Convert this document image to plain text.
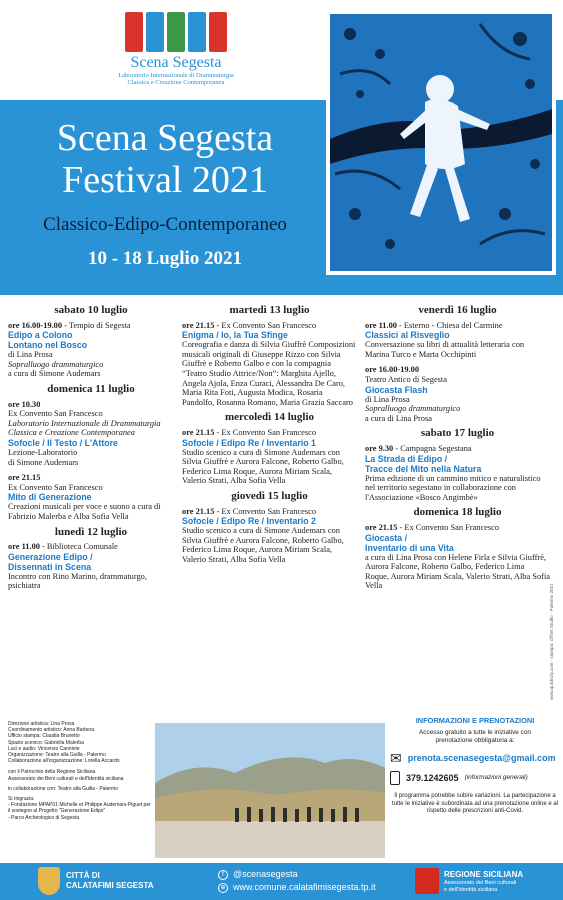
Scena Segesta
Laboratorio Internazionale di Drammaturgia
Classica e Creazione Contemporanea
Scena Segesta
Festival 2021
Classico-Edipo-Contemporaneo
10 - 18 Luglio 2021
sabato 10 luglio
ore 16.00-19.00 - Tempio di Segesta
Edipo a Colono
Lontano nel Bosco
di Lina Prosa
Sopralluogo drammaturgico
a cura di Simone Audemars
domenica 11 luglio
ore 10.30
Ex Convento San Francesco
Laboratorio Internazionale di Drammaturgia Classica e Creazione Contemporanea
Sofocle / Il Testo / L'Attore
Lezione-Laboratorio
di Simone Audemars
ore 21.15
Ex Convento San Francesco
Mito di Generazione
Creazioni musicali per voce e suono a cura di Fabrizio Malerba e Alba Sofia Vella
lunedì 12 luglio
ore 11.00 - Biblioteca Comunale
Generazione Edipo /
Dissennati in Scena
Incontro con Rino Marino, drammaturgo, psichiatra
martedì 13 luglio
ore 21.15 - Ex Convento San Francesco
Enigma / Io, la Tua Sfinge
Coreografia e danza di Silvia Giuffrè Composizioni musicali originali di Giuseppe Rizzo con Silvia Giuffrè e Roberto Galbo e con la compagnia “Teatro Studio Attrice/Non”: Marghita Ajello, Angela Ajola, Enza Curaci, Alessandra De Caro, Maria Rita Foti, Augusta Modica, Rosaria Pandolfo, Rosanna Romano, Maria Grazia Saccaro
mercoledì 14 luglio
ore 21.15 - Ex Convento San Francesco
Sofocle / Edipo Re / Inventario 1
Studio scenico a cura di Simone Audemars con Silvia Giuffrè e Aurora Falcone, Roberto Galbo, Federico Lima Roque, Aurora Miriam Scala, Valerio Strati, Alba Sofia Vella
giovedì 15 luglio
ore 21.15 - Ex Convento San Francesco
Sofocle / Edipo Re / Inventario 2
Studio scenico a cura di Simone Audemars con Silvia Giuffrè e Aurora Falcone, Roberto Galbo, Federico Lima Roque, Aurora Miriam Scala, Valerio Strati, Alba Sofia Vella
venerdì 16 luglio
ore 11.00 - Esterno - Chiesa del Carmine
Classici al Risveglio
Conversazione su libri di attualità letteraria con Marina Turco e Marta Occhipinti
ore 16.00-19.00
Teatro Antico di Segesta
Giocasta Flash
di Lina Prosa
Sopralluogo drammaturgico
a cura di Lina Prosa
sabato 17 luglio
ore 9.30 - Campagna Segestana
La Strada di Edipo /
Tracce del Mito nella Natura
Prima edizione di un cammino mitico e naturalistico nel territorio segestano in collaborazione con l'Associazione «Bosco Angimbè»
domenica 18 luglio
ore 21.15 - Ex Convento San Francesco
Giocasta /
Inventario di una Vita
a cura di Lina Prosa con Helene Firla e Silvia Giuffrè, Aurora Falcone, Roberto Galbo, Federico Lima Roque, Aurora Miriam Scala, Valerio Strati, Alba Sofia Vella	www.quickcity.com - stampa: Offset Studio - Palermo 2021
Direzione artistica: Lina Prosa
Coordinamento artistico: Anna Barbera
Ufficio stampa: Claudia Brunetto
Spazio scenico: Gabriella Malerba
Luci e audio: Vincenzo Canniote
Organizzazione: Teatro alla Guilla - Palermo
Collaborazione all'organizzazione: Lorella Accardo
con il Patrocinio della Regione Siciliana
Assessorato dei Beni culturali e dell'Identità siciliana
in collaborazione con: Teatro alla Guilla - Palermo
Si ringrazia:
- Fondazione MPAP01 Michelle et Philippe Audemars-Piguet per il sostegno al Progetto "Generazione Edipo"
- Parco Archeologico di Segesta
INFORMAZIONI E PRENOTAZIONI
Accesso gratuito a tutte le iniziative con prenotazione obbligatoria a:
✉ prenota.scenasegesta@gmail.com
379.1242605 (informazioni generali)
Il programma potrebbe subire variazioni. La partecipazione a tutte le iniziative è subordinata ad una prenotazione online e al rispetto delle prescrizioni anti-Covid.
CITTÀ DI
CALATAFIMI SEGESTA
f	@scenasegesta
⊕ www.comune.calatafimisegesta.tp.it
REGIONE SICILIANA
Assessorato dei Beni culturali
e dell'Identità siciliana
